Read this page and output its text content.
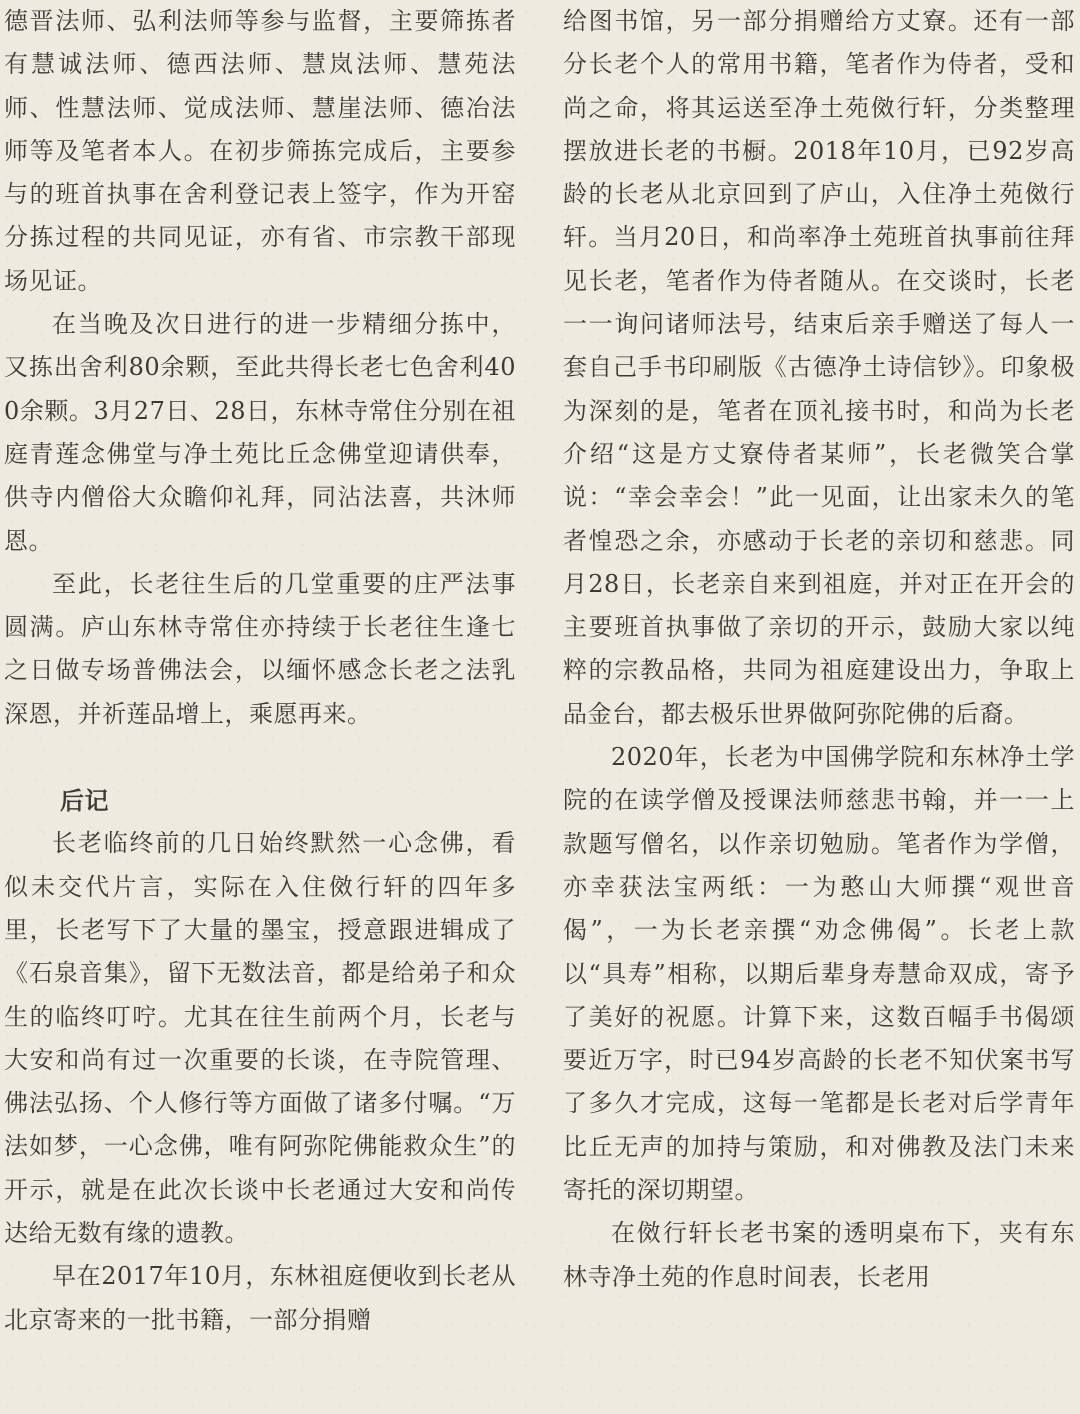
德晋法师、弘利法师等参与监督，主要筛拣者有慧诚法师、德西法师、慧岚法师、慧苑法师、性慧法师、觉成法师、慧崖法师、德冶法师等及笔者本人。在初步筛拣完成后，主要参与的班首执事在舍利登记表上签字，作为开窑分拣过程的共同见证，亦有省、市宗教干部现场见证。

在当晚及次日进行的进一步精细分拣中，又拣出舍利80余颗，至此共得长老七色舍利400余颗。3月27日、28日，东林寺常住分别在祖庭青莲念佛堂与净土苑比丘念佛堂迎请供奉，供寺内僧俗大众瞻仰礼拜，同沾法喜，共沐师恩。

至此，长老往生后的几堂重要的庄严法事圆满。庐山东林寺常住亦持续于长老往生逢七之日做专场普佛法会，以缅怀感念长老之法乳深恩，并祈莲品增上，乘愿再来。

后记

长老临终前的几日始终默然一心念佛，看似未交代片言，实际在入住傚行轩的四年多里，长老写下了大量的墨宝，授意跟进辑成了《石泉音集》，留下无数法音，都是给弟子和众生的临终叮咛。尤其在往生前两个月，长老与大安和尚有过一次重要的长谈，在寺院管理、佛法弘扬、个人修行等方面做了诸多付嘱。“万法如梦，一心念佛，唯有阿弥陀佛能救众生”的开示，就是在此次长谈中长老通过大安和尚传达给无数有缘的遗教。

早在2017年10月，东林祖庭便收到长老从北京寄来的一批书籍，一部分捐赠

给图书馆，另一部分捐赠给方丈寮。还有一部分长老个人的常用书籍，笔者作为侍者，受和尚之命，将其运送至净土苑傚行轩，分类整理摆放进长老的书橱。2018年10月，已92岁高龄的长老从北京回到了庐山，入住净土苑傚行轩。当月20日，和尚率净土苑班首执事前往拜见长老，笔者作为侍者随从。在交谈时，长老一一询问诸师法号，结束后亲手赠送了每人一套自己手书印刷版《古德净土诗信钞》。印象极为深刻的是，笔者在顶礼接书时，和尚为长老介绍“这是方丈寮侍者某师”，长老微笑合掌说：“幸会幸会！”此一见面，让出家未久的笔者惶恐之余，亦感动于长老的亲切和慈悲。同月28日，长老亲自来到祖庭，并对正在开会的主要班首执事做了亲切的开示，鼓励大家以纯粹的宗教品格，共同为祖庭建设出力，争取上品金台，都去极乐世界做阿弥陀佛的后裔。

2020年，长老为中国佛学院和东林净土学院的在读学僧及授课法师慈悲书翰，并一一上款题写僧名，以作亲切勉励。笔者作为学僧，亦幸获法宝两纸：一为憨山大师撰“观世音偈”，一为长老亲撰“劝念佛偈”。长老上款以“具寿”相称，以期后辈身寿慧命双成，寄予了美好的祝愿。计算下来，这数百幅手书偈颂要近万字，时已94岁高龄的长老不知伏案书写了多久才完成，这每一笔都是长老对后学青年比丘无声的加持与策励，和对佛教及法门未来寄托的深切期望。

在傚行轩长老书案的透明桌布下，夹有东林寺净土苑的作息时间表，长老用
